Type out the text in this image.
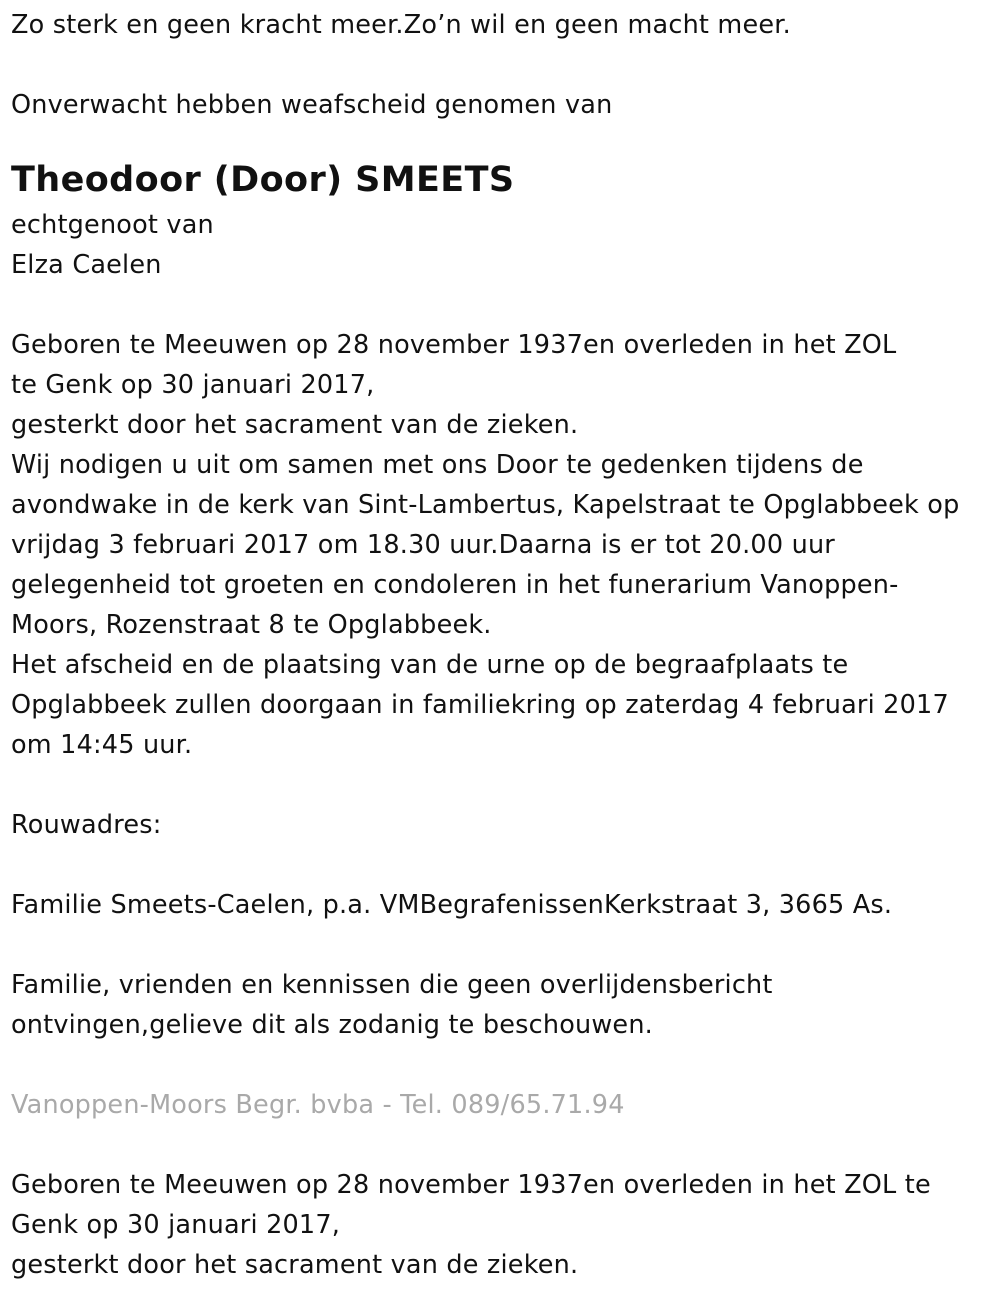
Zo sterk en geen kracht meer.Zo’n wil en geen macht meer.
Onverwacht hebben weafscheid genomen van
Theodoor (Door) SMEETS
echtgenoot van
Elza Caelen
Geboren te Meeuwen op 28 november 1937en overleden in het ZOL
te Genk op 30 januari 2017,
gesterkt door het sacrament van de zieken.
Wij nodigen u uit om samen met ons Door te gedenken tijdens de
avondwake in de kerk van Sint-Lambertus, Kapelstraat te Opglabbeek op
vrijdag 3 februari 2017 om 18.30 uur.Daarna is er tot 20.00 uur
gelegenheid tot groeten en condoleren in het funerarium Vanoppen-
Moors, Rozenstraat 8 te Opglabbeek.
Het afscheid en de plaatsing van de urne op de begraafplaats te
Opglabbeek zullen doorgaan in familiekring op zaterdag 4 februari 2017
om 14:45 uur.
Rouwadres:
Familie Smeets-Caelen, p.a. VMBegrafenissenKerkstraat 3, 3665 As.
Familie, vrienden en kennissen die geen overlijdensbericht
ontvingen,gelieve dit als zodanig te beschouwen.
Vanoppen-Moors Begr. bvba - Tel. 089/65.71.94
Geboren te Meeuwen op 28 november 1937en overleden in het ZOL te
Genk op 30 januari 2017,
gesterkt door het sacrament van de zieken.
